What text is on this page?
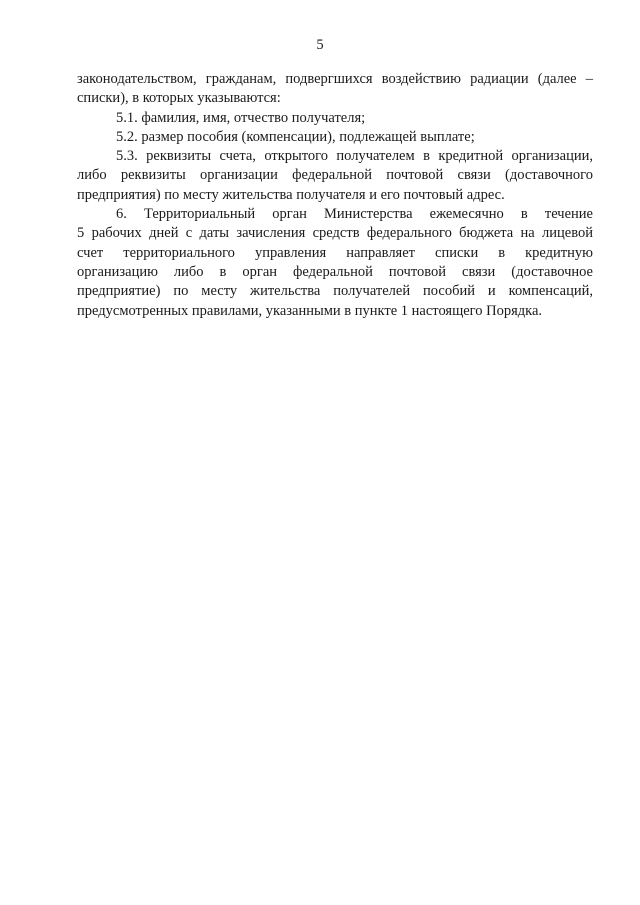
5
законодательством, гражданам, подвергшихся воздействию радиации (далее –
списки), в которых указываются:
5.1. фамилия, имя, отчество получателя;
5.2. размер пособия (компенсации), подлежащей выплате;
5.3. реквизиты счета, открытого получателем в кредитной организации,
либо реквизиты организации федеральной почтовой связи (доставочного
предприятия) по месту жительства получателя и его почтовый адрес.
6. Территориальный орган Министерства ежемесячно в течение
5 рабочих дней с даты зачисления средств федерального бюджета на лицевой
счет территориального управления направляет списки в кредитную
организацию либо в орган федеральной почтовой связи (доставочное
предприятие) по месту жительства получателей пособий и компенсаций,
предусмотренных правилами, указанными в пункте 1 настоящего Порядка.
